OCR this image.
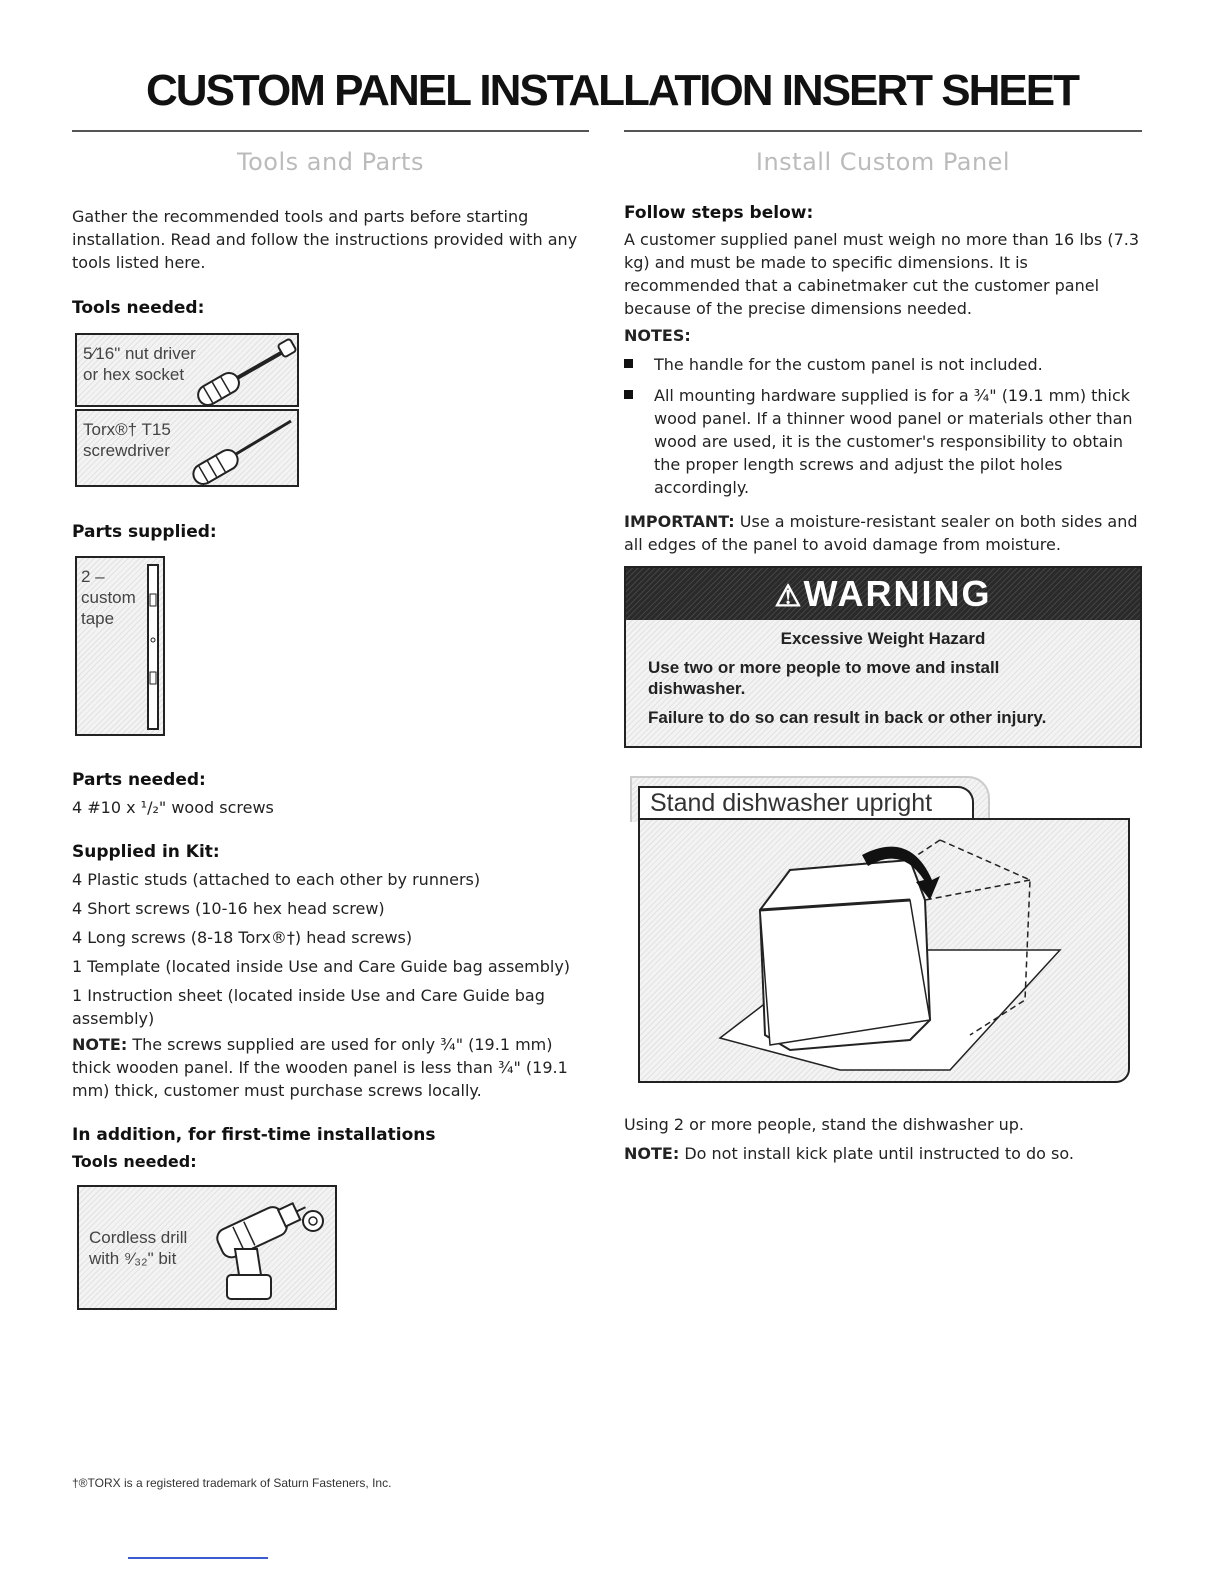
CUSTOM PANEL INSTALLATION INSERT SHEET
Tools and Parts
Gather the recommended tools and parts before starting installation. Read and follow the instructions provided with any tools listed here.
Tools needed:
5⁄16" nut driver
or hex socket
Torx®† T15
screwdriver
Parts supplied:
2 –
custom
tape
Parts needed:
4 #10 x ¹/₂" wood screws
Supplied in Kit:
4 Plastic studs (attached to each other by runners)
4 Short screws (10-16 hex head screw)
4 Long screws (8-18 Torx®†) head screws)
1 Template (located inside Use and Care Guide bag assembly)
1 Instruction sheet (located inside Use and Care Guide bag assembly)
NOTE: The screws supplied are used for only ¾" (19.1 mm) thick wooden panel. If the wooden panel is less than ¾" (19.1 mm) thick, customer must purchase screws locally.
In addition, for first-time installations
Tools needed:
Cordless drill
with ⁹⁄₃₂" bit
Install Custom Panel
Follow steps below:
A customer supplied panel must weigh no more than 16 lbs (7.3 kg) and must be made to specific dimensions. It is recommended that a cabinetmaker cut the customer panel because of the precise dimensions needed.
NOTES:
The handle for the custom panel is not included.
All mounting hardware supplied is for a ¾" (19.1 mm) thick wood panel. If a thinner wood panel or materials other than wood are used, it is the customer's responsibility to obtain the proper length screws and adjust the pilot holes accordingly.
IMPORTANT: Use a moisture-resistant sealer on both sides and all edges of the panel to avoid damage from moisture.
⚠WARNING
Excessive Weight Hazard
Use two or more people to move and install dishwasher.
Failure to do so can result in back or other injury.
Stand dishwasher upright
Using 2 or more people, stand the dishwasher up.
NOTE: Do not install kick plate until instructed to do so.
†®TORX is a registered trademark of Saturn Fasteners, Inc.
